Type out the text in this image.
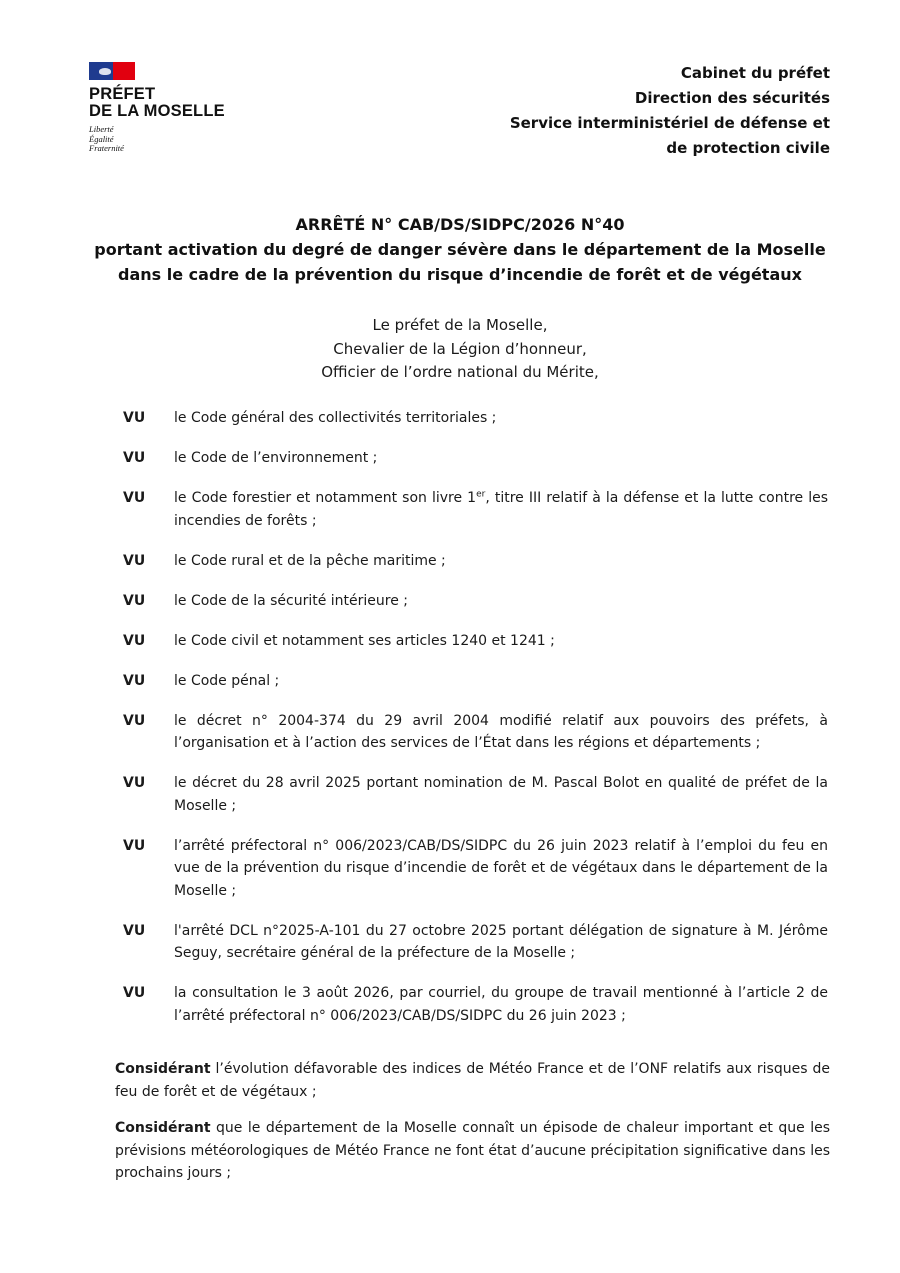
PRÉFET
DE LA MOSELLE
Liberté
Égalité
Fraternité
Cabinet du préfet
Direction des sécurités
Service interministériel de défense et
de protection civile
ARRÊTÉ N° CAB/DS/SIDPC/2026 N°40
portant activation du degré de danger sévère dans le département de la Moselle
dans le cadre de la prévention du risque d’incendie de forêt et de végétaux
Le préfet de la Moselle,
Chevalier de la Légion d’honneur,
Officier de l’ordre national du Mérite,
VU	le Code général des collectivités territoriales ;
VU	le Code de l’environnement ;
VU	le Code forestier et notamment son livre 1er, titre III relatif à la défense et la lutte contre les incendies de forêts ;
VU	le Code rural et de la pêche maritime ;
VU	le Code de la sécurité intérieure ;
VU	le Code civil et notamment ses articles 1240 et 1241 ;
VU	le Code pénal ;
VU	le décret n° 2004-374 du 29 avril 2004 modifié relatif aux pouvoirs des préfets, à l’organisation et à l’action des services de l’État dans les régions et départements ;
VU	le décret du 28 avril 2025 portant nomination de M. Pascal Bolot en qualité de préfet de la Moselle ;
VU	l’arrêté préfectoral n° 006/2023/CAB/DS/SIDPC du 26 juin 2023 relatif à l’emploi du feu en vue de la prévention du risque d’incendie de forêt et de végétaux dans le département de la Moselle ;
VU	l'arrêté DCL n°2025-A-101 du 27 octobre 2025 portant délégation de signature à M. Jérôme Seguy, secrétaire général de la préfecture de la Moselle ;
VU	la consultation le 3 août 2026, par courriel, du groupe de travail mentionné à l’article 2 de l’arrêté préfectoral n° 006/2023/CAB/DS/SIDPC du 26 juin 2023 ;
Considérant l’évolution défavorable des indices de Météo France et de l’ONF relatifs aux risques de feu de forêt et de végétaux ;
Considérant que le département de la Moselle connaît un épisode de chaleur important et que les prévisions météorologiques de Météo France ne font état d’aucune précipitation significative dans les prochains jours ;
